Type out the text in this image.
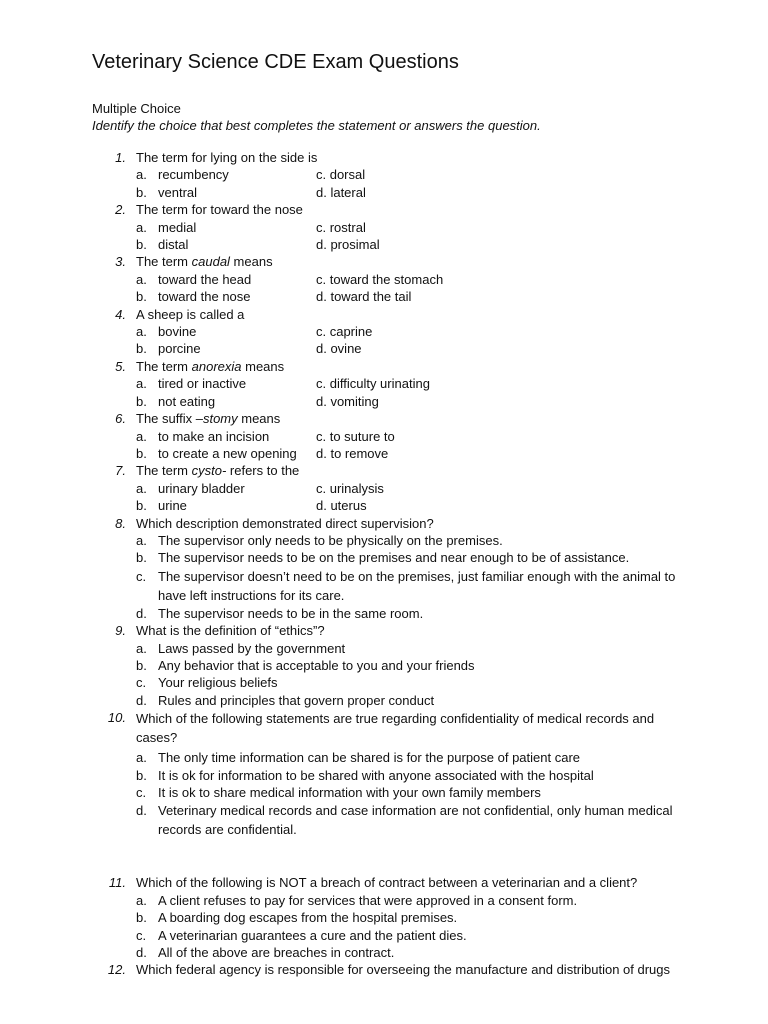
Veterinary Science CDE Exam Questions
Multiple Choice
Identify the choice that best completes the statement or answers the question.
1. The term for lying on the side is
a. recumbency	c. dorsal
b. ventral	d. lateral
2. The term for toward the nose
a. medial	c. rostral
b. distal	d. prosimal
3. The term caudal means
a. toward the head	c. toward the stomach
b. toward the nose	d. toward the tail
4. A sheep is called a
a. bovine	c. caprine
b. porcine	d. ovine
5. The term anorexia means
a. tired or inactive	c. difficulty urinating
b. not eating	d. vomiting
6. The suffix –stomy means
a. to make an incision	c. to suture to
b. to create a new opening	d. to remove
7. The term cysto- refers to the
a. urinary bladder	c. urinalysis
b. urine	d. uterus
8. Which description demonstrated direct supervision?
a. The supervisor only needs to be physically on the premises.
b. The supervisor needs to be on the premises and near enough to be of assistance.
c. The supervisor doesn’t need to be on the premises, just familiar enough with the animal to have left instructions for its care.
d. The supervisor needs to be in the same room.
9. What is the definition of “ethics”?
a. Laws passed by the government
b. Any behavior that is acceptable to you and your friends
c. Your religious beliefs
d. Rules and principles that govern proper conduct
10. Which of the following statements are true regarding confidentiality of medical records and cases?
a. The only time information can be shared is for the purpose of patient care
b. It is ok for information to be shared with anyone associated with the hospital
c. It is ok to share medical information with your own family members
d. Veterinary medical records and case information are not confidential, only human medical records are confidential.
11. Which of the following is NOT a breach of contract between a veterinarian and a client?
a. A client refuses to pay for services that were approved in a consent form.
b. A boarding dog escapes from the hospital premises.
c. A veterinarian guarantees a cure and the patient dies.
d. All of the above are breaches in contract.
12. Which federal agency is responsible for overseeing the manufacture and distribution of drugs
